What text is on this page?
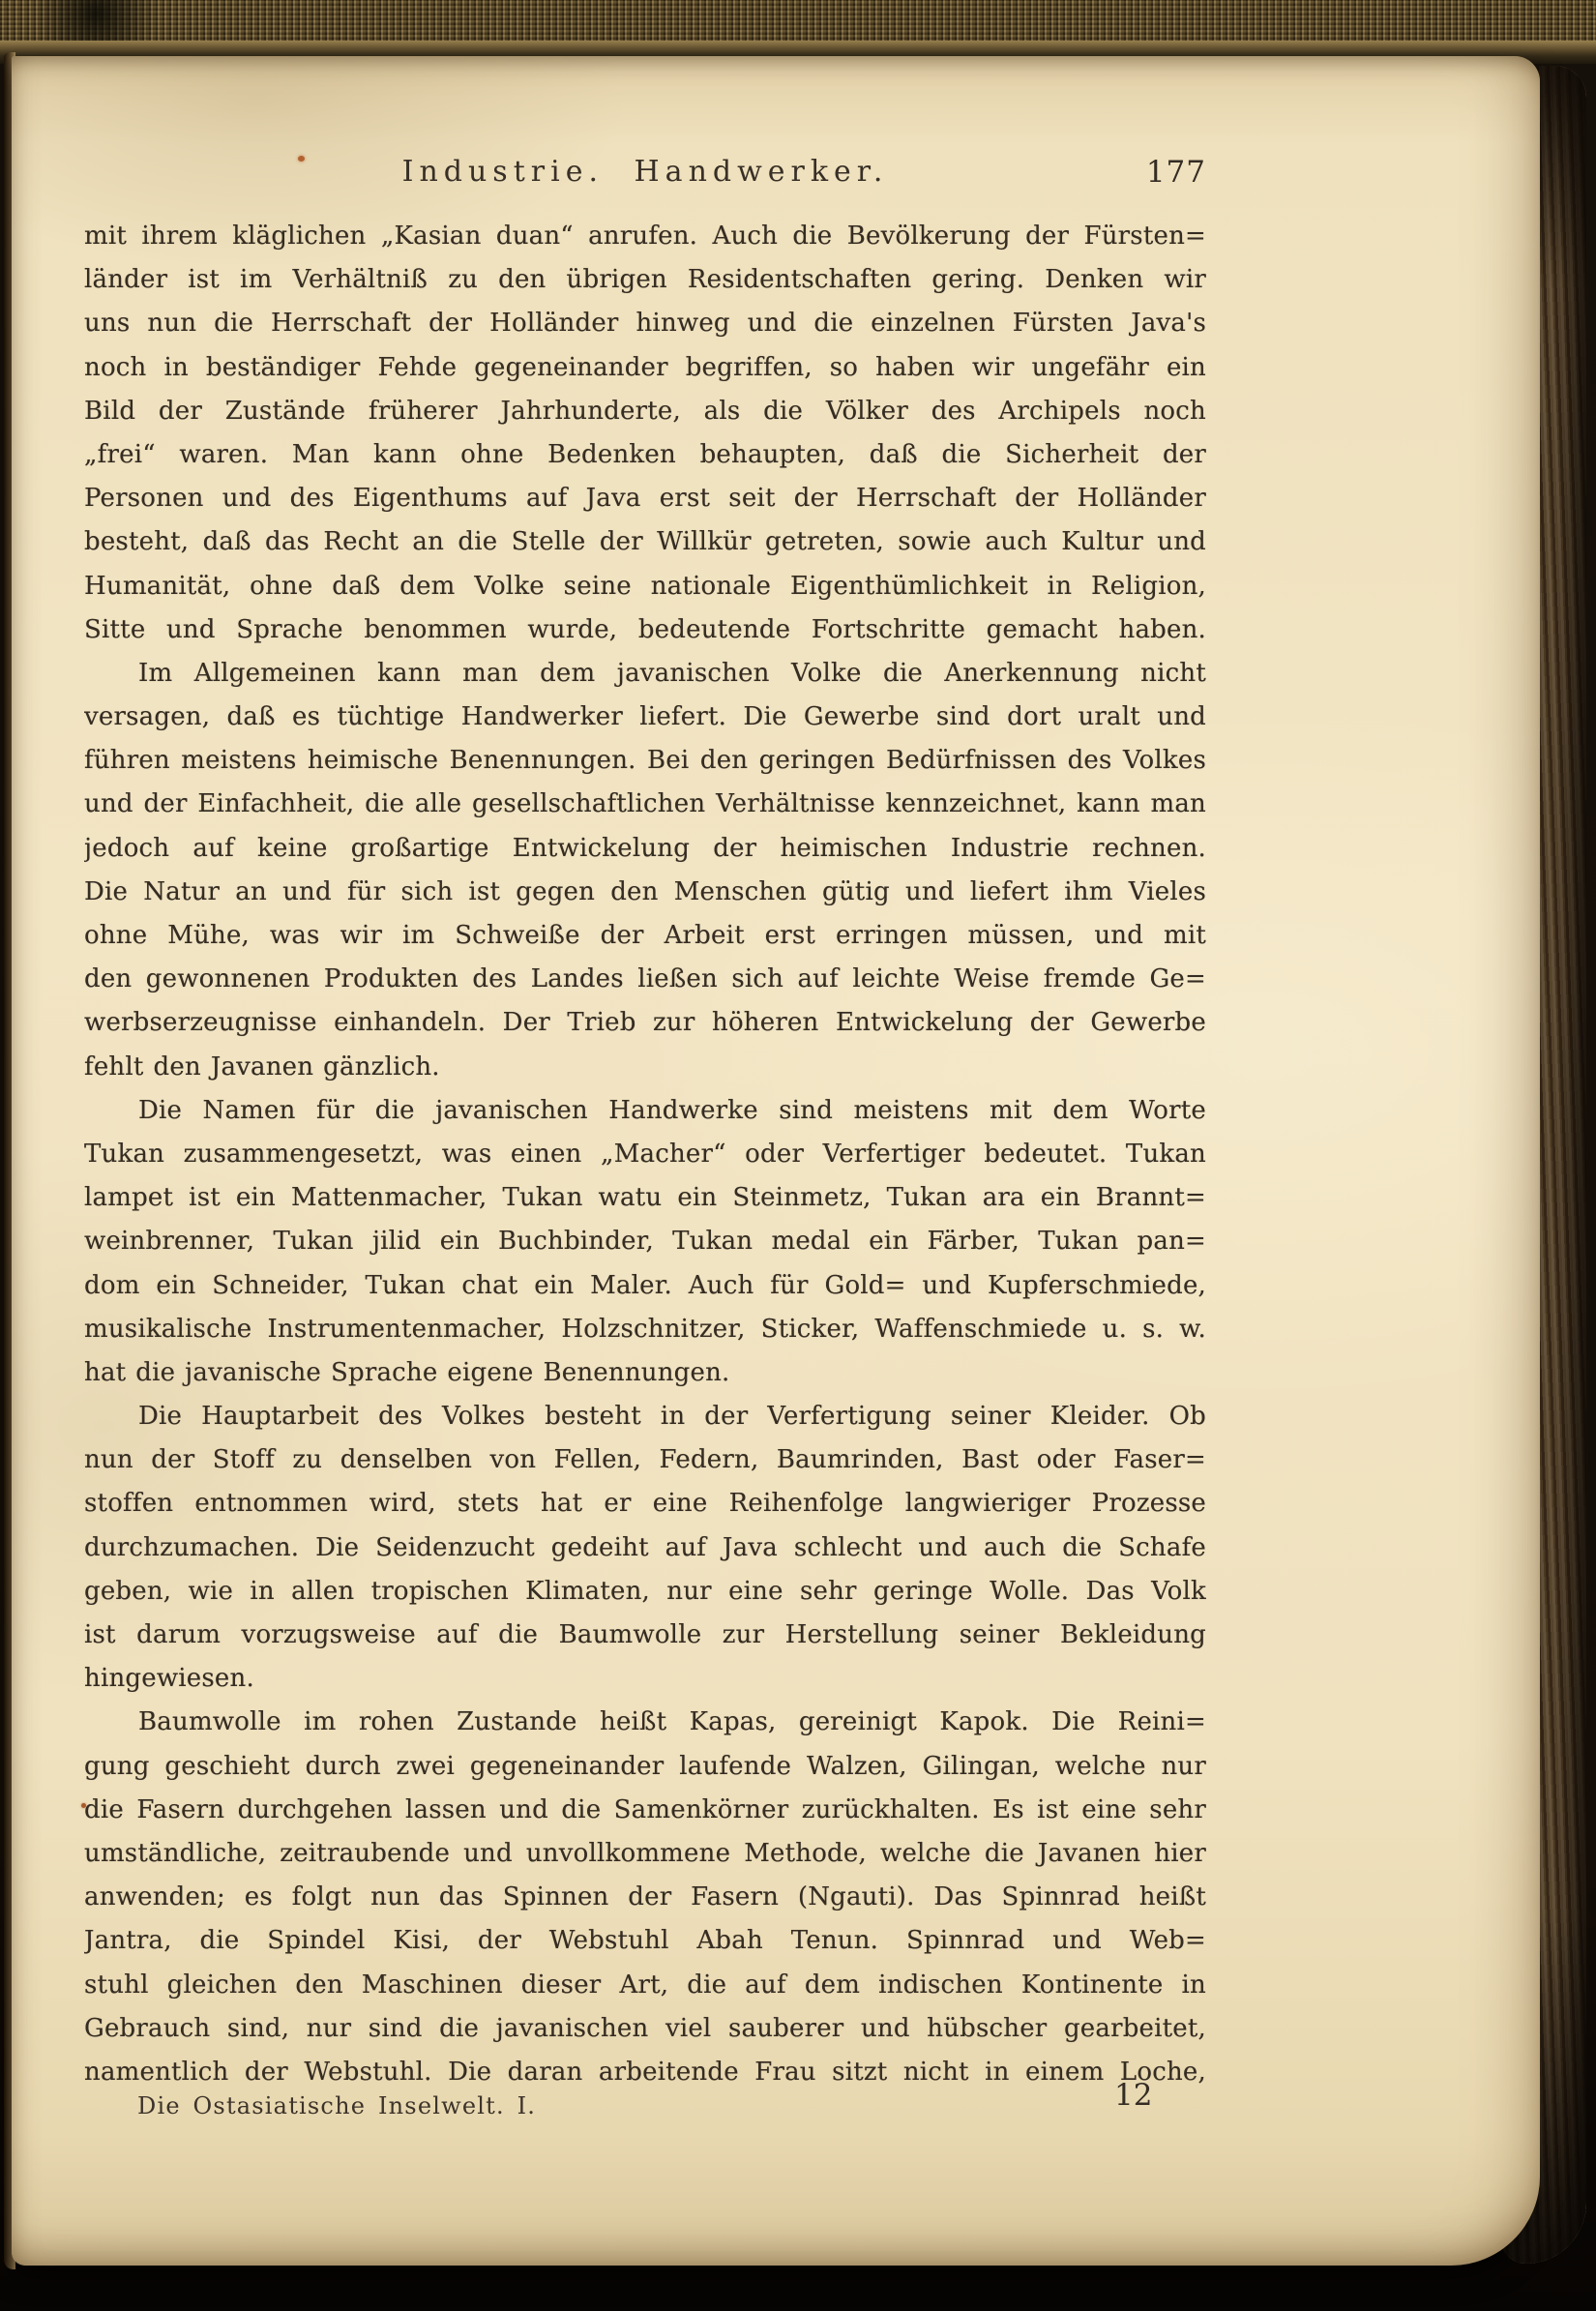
Industrie. Handwerker.	177
mit ihrem kläglichen „Kasian duan“ anrufen. Auch die Bevölkerung der Fürsten=
länder ist im Verhältniß zu den übrigen Residentschaften gering. Denken wir
uns nun die Herrschaft der Holländer hinweg und die einzelnen Fürsten Java's
noch in beständiger Fehde gegeneinander begriffen, so haben wir ungefähr ein
Bild der Zustände früherer Jahrhunderte, als die Völker des Archipels noch
„frei“ waren. Man kann ohne Bedenken behaupten, daß die Sicherheit der
Personen und des Eigenthums auf Java erst seit der Herrschaft der Holländer
besteht, daß das Recht an die Stelle der Willkür getreten, sowie auch Kultur und
Humanität, ohne daß dem Volke seine nationale Eigenthümlichkeit in Religion,
Sitte und Sprache benommen wurde, bedeutende Fortschritte gemacht haben.
Im Allgemeinen kann man dem javanischen Volke die Anerkennung nicht
versagen, daß es tüchtige Handwerker liefert. Die Gewerbe sind dort uralt und
führen meistens heimische Benennungen. Bei den geringen Bedürfnissen des Volkes
und der Einfachheit, die alle gesellschaftlichen Verhältnisse kennzeichnet, kann man
jedoch auf keine großartige Entwickelung der heimischen Industrie rechnen.
Die Natur an und für sich ist gegen den Menschen gütig und liefert ihm Vieles
ohne Mühe, was wir im Schweiße der Arbeit erst erringen müssen, und mit
den gewonnenen Produkten des Landes ließen sich auf leichte Weise fremde Ge=
werbserzeugnisse einhandeln. Der Trieb zur höheren Entwickelung der Gewerbe
fehlt den Javanen gänzlich.
Die Namen für die javanischen Handwerke sind meistens mit dem Worte
Tukan zusammengesetzt, was einen „Macher“ oder Verfertiger bedeutet. Tukan
lampet ist ein Mattenmacher, Tukan watu ein Steinmetz, Tukan ara ein Brannt=
weinbrenner, Tukan jilid ein Buchbinder, Tukan medal ein Färber, Tukan pan=
dom ein Schneider, Tukan chat ein Maler. Auch für Gold= und Kupferschmiede,
musikalische Instrumentenmacher, Holzschnitzer, Sticker, Waffenschmiede u. s. w.
hat die javanische Sprache eigene Benennungen.
Die Hauptarbeit des Volkes besteht in der Verfertigung seiner Kleider. Ob
nun der Stoff zu denselben von Fellen, Federn, Baumrinden, Bast oder Faser=
stoffen entnommen wird, stets hat er eine Reihenfolge langwieriger Prozesse
durchzumachen. Die Seidenzucht gedeiht auf Java schlecht und auch die Schafe
geben, wie in allen tropischen Klimaten, nur eine sehr geringe Wolle. Das Volk
ist darum vorzugsweise auf die Baumwolle zur Herstellung seiner Bekleidung
hingewiesen.
Baumwolle im rohen Zustande heißt Kapas, gereinigt Kapok. Die Reini=
gung geschieht durch zwei gegeneinander laufende Walzen, Gilingan, welche nur
die Fasern durchgehen lassen und die Samenkörner zurückhalten. Es ist eine sehr
umständliche, zeitraubende und unvollkommene Methode, welche die Javanen hier
anwenden; es folgt nun das Spinnen der Fasern (Ngauti). Das Spinnrad heißt
Jantra, die Spindel Kisi, der Webstuhl Abah Tenun. Spinnrad und Web=
stuhl gleichen den Maschinen dieser Art, die auf dem indischen Kontinente in
Gebrauch sind, nur sind die javanischen viel sauberer und hübscher gearbeitet,
namentlich der Webstuhl. Die daran arbeitende Frau sitzt nicht in einem Loche,
Die Ostasiatische Inselwelt. I.	12
